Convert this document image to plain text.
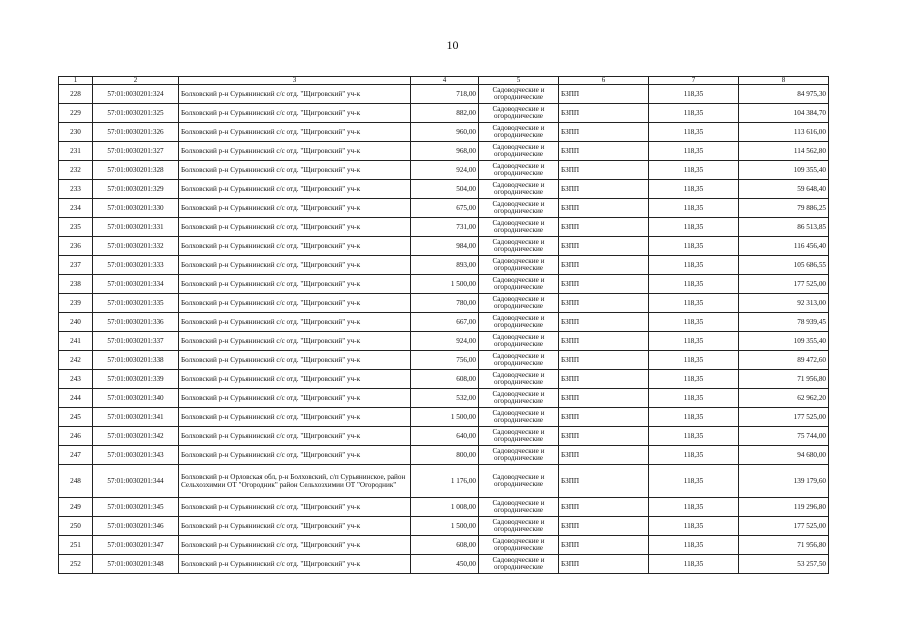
10
1	2	3	4	5	6	7	8
228	57:01:0030201:324	Болховский р-н Сурьянинский с/с отд. "Щигровский" уч-к	718,00	Садоводческие и огороднические	БЗПП	118,35	84 975,30
229	57:01:0030201:325	Болховский р-н Сурьянинский с/с отд. "Щигровский" уч-к	882,00	Садоводческие и огороднические	БЗПП	118,35	104 384,70
230	57:01:0030201:326	Болховский р-н Сурьянинский с/с отд. "Щигровский" уч-к	960,00	Садоводческие и огороднические	БЗПП	118,35	113 616,00
231	57:01:0030201:327	Болховский р-н Сурьянинский с/с отд. "Щигровский" уч-к	968,00	Садоводческие и огороднические	БЗПП	118,35	114 562,80
232	57:01:0030201:328	Болховский р-н Сурьянинский с/с отд. "Щигровский" уч-к	924,00	Садоводческие и огороднические	БЗПП	118,35	109 355,40
233	57:01:0030201:329	Болховский р-н Сурьянинский с/с отд. "Щигровский" уч-к	504,00	Садоводческие и огороднические	БЗПП	118,35	59 648,40
234	57:01:0030201:330	Болховский р-н Сурьянинский с/с отд. "Щигровский" уч-к	675,00	Садоводческие и огороднические	БЗПП	118,35	79 886,25
235	57:01:0030201:331	Болховский р-н Сурьянинский с/с отд. "Щигровский" уч-к	731,00	Садоводческие и огороднические	БЗПП	118,35	86 513,85
236	57:01:0030201:332	Болховский р-н Сурьянинский с/с отд. "Щигровский" уч-к	984,00	Садоводческие и огороднические	БЗПП	118,35	116 456,40
237	57:01:0030201:333	Болховский р-н Сурьянинский с/с отд. "Щигровский" уч-к	893,00	Садоводческие и огороднические	БЗПП	118,35	105 686,55
238	57:01:0030201:334	Болховский р-н Сурьянинский с/с отд. "Щигровский" уч-к	1 500,00	Садоводческие и огороднические	БЗПП	118,35	177 525,00
239	57:01:0030201:335	Болховский р-н Сурьянинский с/с отд. "Щигровский" уч-к	780,00	Садоводческие и огороднические	БЗПП	118,35	92 313,00
240	57:01:0030201:336	Болховский р-н Сурьянинский с/с отд. "Щигровский" уч-к	667,00	Садоводческие и огороднические	БЗПП	118,35	78 939,45
241	57:01:0030201:337	Болховский р-н Сурьянинский с/с отд. "Щигровский" уч-к	924,00	Садоводческие и огороднические	БЗПП	118,35	109 355,40
242	57:01:0030201:338	Болховский р-н Сурьянинский с/с отд. "Щигровский" уч-к	756,00	Садоводческие и огороднические	БЗПП	118,35	89 472,60
243	57:01:0030201:339	Болховский р-н Сурьянинский с/с отд. "Щигровский" уч-к	608,00	Садоводческие и огороднические	БЗПП	118,35	71 956,80
244	57:01:0030201:340	Болховский р-н Сурьянинский с/с отд. "Щигровский" уч-к	532,00	Садоводческие и огороднические	БЗПП	118,35	62 962,20
245	57:01:0030201:341	Болховский р-н Сурьянинский с/с отд. "Щигровский" уч-к	1 500,00	Садоводческие и огороднические	БЗПП	118,35	177 525,00
246	57:01:0030201:342	Болховский р-н Сурьянинский с/с отд. "Щигровский" уч-к	640,00	Садоводческие и огороднические	БЗПП	118,35	75 744,00
247	57:01:0030201:343	Болховский р-н Сурьянинский с/с отд. "Щигровский" уч-к	800,00	Садоводческие и огороднические	БЗПП	118,35	94 680,00
248	57:01:0030201:344	Болховский р-н Орловская обл, р-н Болховский, с/п Сурьянинское, район Сельхозхимии ОТ "Огородник" район Сельхозхимии ОТ "Огородник"	1 176,00	Садоводческие и огороднические	БЗПП	118,35	139 179,60
249	57:01:0030201:345	Болховский р-н Сурьянинский с/с отд. "Щигровский" уч-к	1 008,00	Садоводческие и огороднические	БЗПП	118,35	119 296,80
250	57:01:0030201:346	Болховский р-н Сурьянинский с/с отд. "Щигровский" уч-к	1 500,00	Садоводческие и огороднические	БЗПП	118,35	177 525,00
251	57:01:0030201:347	Болховский р-н Сурьянинский с/с отд. "Щигровский" уч-к	608,00	Садоводческие и огороднические	БЗПП	118,35	71 956,80
252	57:01:0030201:348	Болховский р-н Сурьянинский с/с отд. "Щигровский" уч-к	450,00	Садоводческие и огороднические	БЗПП	118,35	53 257,50
